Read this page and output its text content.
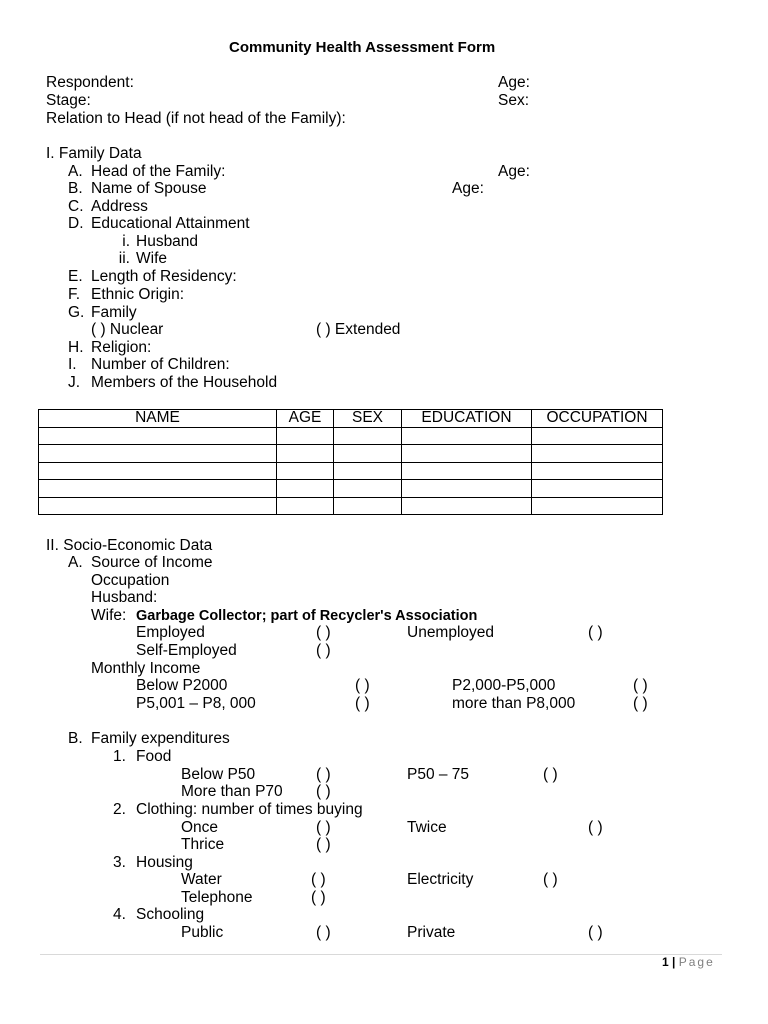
Community Health Assessment Form
Respondent:	Age:
Stage:	Sex:
Relation to Head (if not head of the Family):
I. Family Data
A. Head of the Family:	Age:
B. Name of Spouse	Age:
C. Address
D. Educational Attainment
i. Husband
ii. Wife
E. Length of Residency:
F. Ethnic Origin:
G. Family
( ) Nuclear	( ) Extended
H. Religion:
I. Number of Children:
J. Members of the Household
NAME	AGE	SEX	EDUCATION	OCCUPATION

II. Socio-Economic Data
A. Source of Income
Occupation
Husband:
Wife: Garbage Collector; part of Recycler's Association
Employed	( )	Unemployed	( )
Self-Employed	( )
Monthly Income
Below P2000	( )	P2,000-P5,000	( )
P5,001 – P8, 000	( )	more than P8,000	( )
B. Family expenditures
1. Food
Below P50	( )	P50 – 75	( )
More than P70 ( )
2. Clothing: number of times buying
Once	( )	Twice	( )
Thrice	( )
3. Housing
Water	( )	Electricity	( )
Telephone	( )
4. Schooling
Public	( )	Private	( )
1 | Page
